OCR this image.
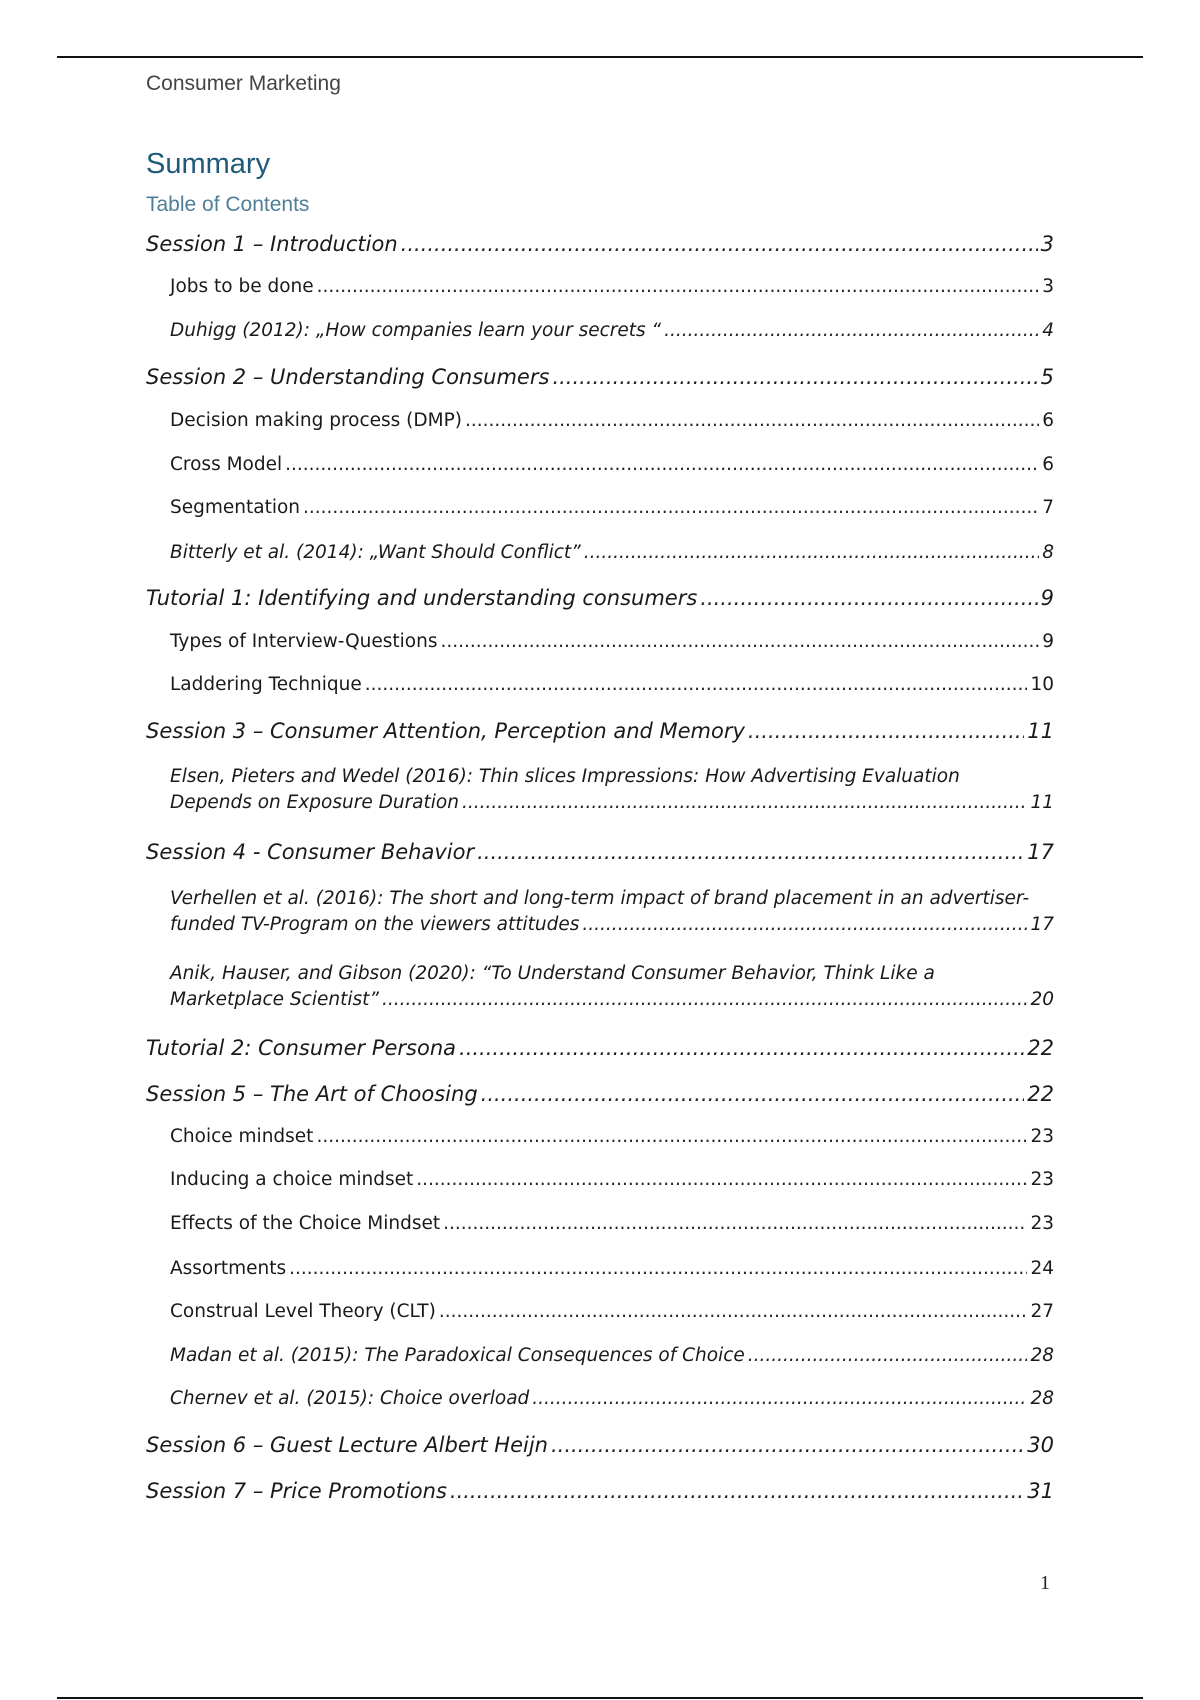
Consumer Marketing
Summary
Table of Contents
Session 1 – Introduction .....	3
Jobs to be done .....	3
Duhigg (2012): „How companies learn your secrets “ .....	4
Session 2 – Understanding Consumers .....	5
Decision making process (DMP) .....	6
Cross Model .....	6
Segmentation .....	7
Bitterly et al. (2014): „Want Should Conflict” .....	8
Tutorial 1: Identifying and understanding consumers .....	9
Types of Interview-Questions .....	9
Laddering Technique .....	10
Session 3 – Consumer Attention, Perception and Memory .....	11
Elsen, Pieters and Wedel (2016): Thin slices Impressions: How Advertising Evaluation
Depends on Exposure Duration .....	11
Session 4 - Consumer Behavior .....	17
Verhellen et al. (2016): The short and long-term impact of brand placement in an advertiser-
funded TV-Program on the viewers attitudes .....	17
Anik, Hauser, and Gibson (2020): “To Understand Consumer Behavior, Think Like a
Marketplace Scientist” .....	20
Tutorial 2: Consumer Persona .....	22
Session 5 – The Art of Choosing .....	22
Choice mindset .....	23
Inducing a choice mindset .....	23
Effects of the Choice Mindset .....	23
Assortments .....	24
Construal Level Theory (CLT) .....	27
Madan et al. (2015): The Paradoxical Consequences of Choice .....	28
Chernev et al. (2015): Choice overload .....	28
Session 6 – Guest Lecture Albert Heijn .....	30
Session 7 – Price Promotions .....	31
1
